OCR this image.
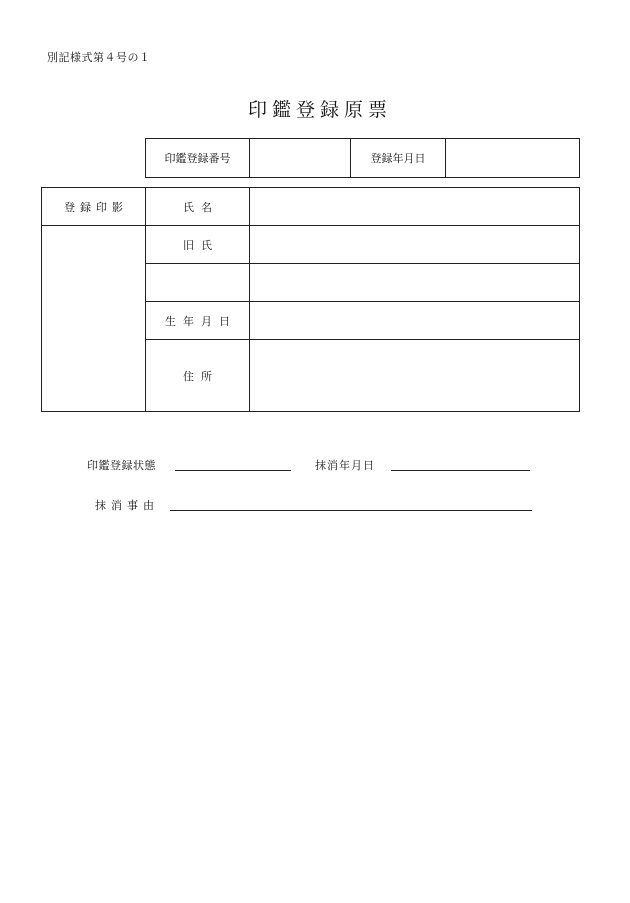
別記様式第４号の１
印鑑登録原票
印鑑登録番号		登録年月日	
登録印影	氏名	
	旧氏	

	生年月日	
	住所	
印鑑登録状態	抹消年月日
抹消事由
